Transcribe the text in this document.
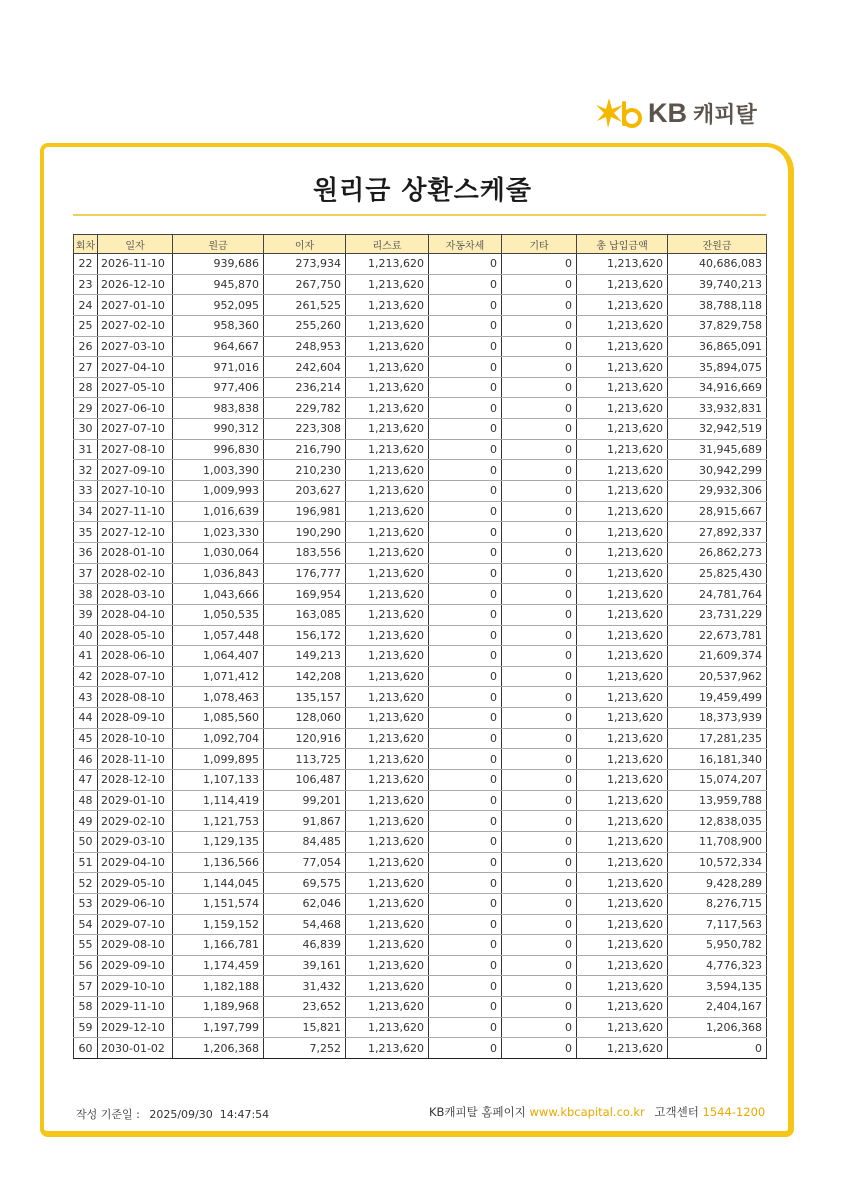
KB 캐피탈
원리금 상환스케줄
회차	일자	원금	이자	리스료	자동차세	기타	총 납입금액	잔원금
22	2026-11-10	939,686	273,934	1,213,620	0	0	1,213,620	40,686,083
23	2026-12-10	945,870	267,750	1,213,620	0	0	1,213,620	39,740,213
24	2027-01-10	952,095	261,525	1,213,620	0	0	1,213,620	38,788,118
25	2027-02-10	958,360	255,260	1,213,620	0	0	1,213,620	37,829,758
26	2027-03-10	964,667	248,953	1,213,620	0	0	1,213,620	36,865,091
27	2027-04-10	971,016	242,604	1,213,620	0	0	1,213,620	35,894,075
28	2027-05-10	977,406	236,214	1,213,620	0	0	1,213,620	34,916,669
29	2027-06-10	983,838	229,782	1,213,620	0	0	1,213,620	33,932,831
30	2027-07-10	990,312	223,308	1,213,620	0	0	1,213,620	32,942,519
31	2027-08-10	996,830	216,790	1,213,620	0	0	1,213,620	31,945,689
32	2027-09-10	1,003,390	210,230	1,213,620	0	0	1,213,620	30,942,299
33	2027-10-10	1,009,993	203,627	1,213,620	0	0	1,213,620	29,932,306
34	2027-11-10	1,016,639	196,981	1,213,620	0	0	1,213,620	28,915,667
35	2027-12-10	1,023,330	190,290	1,213,620	0	0	1,213,620	27,892,337
36	2028-01-10	1,030,064	183,556	1,213,620	0	0	1,213,620	26,862,273
37	2028-02-10	1,036,843	176,777	1,213,620	0	0	1,213,620	25,825,430
38	2028-03-10	1,043,666	169,954	1,213,620	0	0	1,213,620	24,781,764
39	2028-04-10	1,050,535	163,085	1,213,620	0	0	1,213,620	23,731,229
40	2028-05-10	1,057,448	156,172	1,213,620	0	0	1,213,620	22,673,781
41	2028-06-10	1,064,407	149,213	1,213,620	0	0	1,213,620	21,609,374
42	2028-07-10	1,071,412	142,208	1,213,620	0	0	1,213,620	20,537,962
43	2028-08-10	1,078,463	135,157	1,213,620	0	0	1,213,620	19,459,499
44	2028-09-10	1,085,560	128,060	1,213,620	0	0	1,213,620	18,373,939
45	2028-10-10	1,092,704	120,916	1,213,620	0	0	1,213,620	17,281,235
46	2028-11-10	1,099,895	113,725	1,213,620	0	0	1,213,620	16,181,340
47	2028-12-10	1,107,133	106,487	1,213,620	0	0	1,213,620	15,074,207
48	2029-01-10	1,114,419	99,201	1,213,620	0	0	1,213,620	13,959,788
49	2029-02-10	1,121,753	91,867	1,213,620	0	0	1,213,620	12,838,035
50	2029-03-10	1,129,135	84,485	1,213,620	0	0	1,213,620	11,708,900
51	2029-04-10	1,136,566	77,054	1,213,620	0	0	1,213,620	10,572,334
52	2029-05-10	1,144,045	69,575	1,213,620	0	0	1,213,620	9,428,289
53	2029-06-10	1,151,574	62,046	1,213,620	0	0	1,213,620	8,276,715
54	2029-07-10	1,159,152	54,468	1,213,620	0	0	1,213,620	7,117,563
55	2029-08-10	1,166,781	46,839	1,213,620	0	0	1,213,620	5,950,782
56	2029-09-10	1,174,459	39,161	1,213,620	0	0	1,213,620	4,776,323
57	2029-10-10	1,182,188	31,432	1,213,620	0	0	1,213,620	3,594,135
58	2029-11-10	1,189,968	23,652	1,213,620	0	0	1,213,620	2,404,167
59	2029-12-10	1,197,799	15,821	1,213,620	0	0	1,213,620	1,206,368
60	2030-01-02	1,206,368	7,252	1,213,620	0	0	1,213,620	0
작성 기준일 : 2025/09/30  14:47:54	KB캐피탈 홈페이지 www.kbcapital.co.kr 고객센터 1544-1200
